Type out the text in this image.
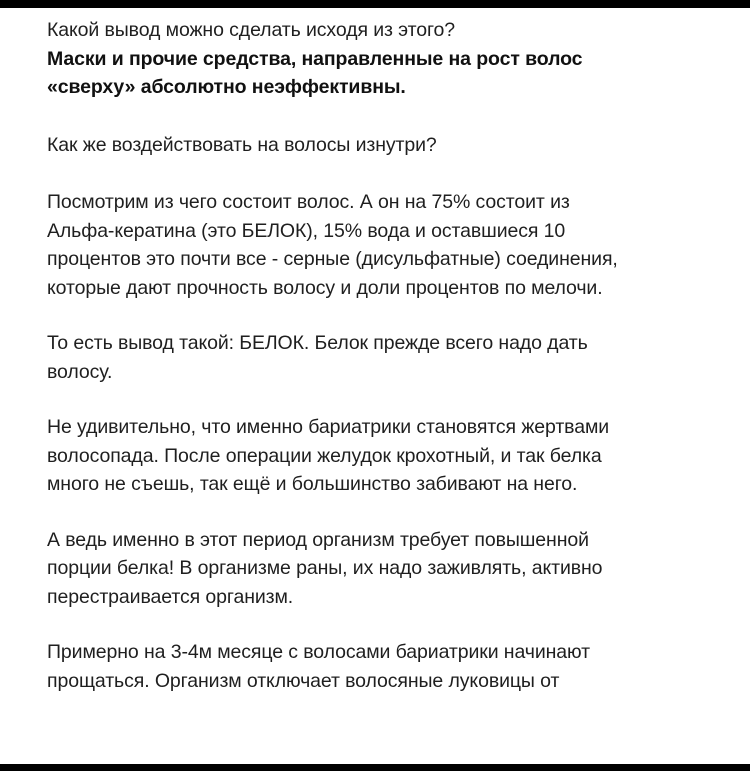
Какой вывод можно сделать исходя из этого?

Маски и прочие средства, направленные на рост волос

«сверху» абсолютно неэффективны.

Как же воздействовать на волосы изнутри?

Посмотрим из чего состоит волос. А он на 75% состоит из

Альфа-кератина (это БЕЛОК), 15% вода и оставшиеся 10

процентов это почти все - серные (дисульфатные) соединения,

которые дают прочность волосу и доли процентов по мелочи.

То есть вывод такой: БЕЛОК. Белок прежде всего надо дать

волосу.

Не удивительно, что именно бариатрики становятся жертвами

волосопада. После операции желудок крохотный, и так белка

много не съешь, так ещё и большинство забивают на него.

А ведь именно в этот период организм требует повышенной

порции белка! В организме раны, их надо заживлять, активно

перестраивается организм.

Примерно на 3-4м месяце с волосами бариатрики начинают

прощаться. Организм отключает волосяные луковицы от
